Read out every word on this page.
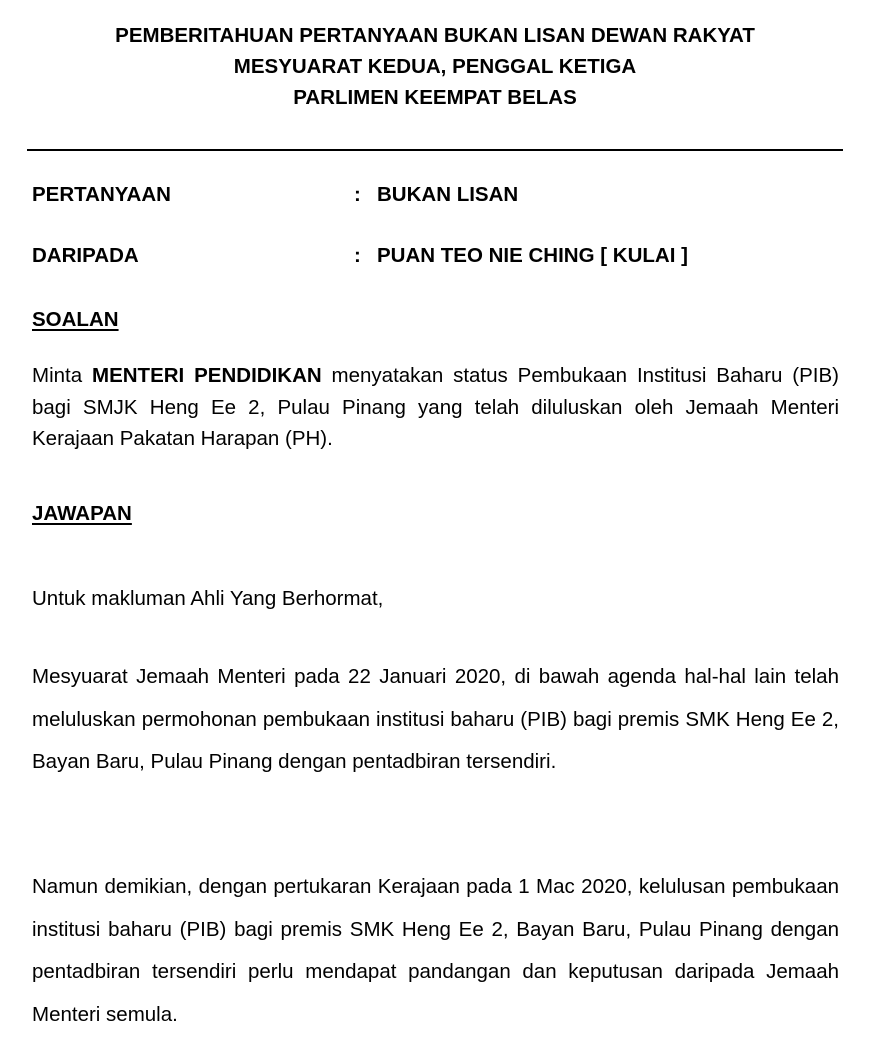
PEMBERITAHUAN PERTANYAAN BUKAN LISAN DEWAN RAKYAT
MESYUARAT KEDUA, PENGGAL KETIGA
PARLIMEN KEEMPAT BELAS
PERTANYAAN	: BUKAN LISAN
DARIPADA	: PUAN TEO NIE CHING [ KULAI ]
SOALAN

Minta MENTERI PENDIDIKAN menyatakan status Pembukaan Institusi Baharu (PIB) bagi SMJK Heng Ee 2, Pulau Pinang yang telah diluluskan oleh Jemaah Menteri Kerajaan Pakatan Harapan (PH).

JAWAPAN
Untuk makluman Ahli Yang Berhormat,

Mesyuarat Jemaah Menteri pada 22 Januari 2020, di bawah agenda hal-hal lain telah meluluskan permohonan pembukaan institusi baharu (PIB) bagi premis SMK Heng Ee 2, Bayan Baru, Pulau Pinang dengan pentadbiran tersendiri.

Namun demikian, dengan pertukaran Kerajaan pada 1 Mac 2020, kelulusan pembukaan institusi baharu (PIB) bagi premis SMK Heng Ee 2, Bayan Baru, Pulau Pinang dengan pentadbiran tersendiri perlu mendapat pandangan dan keputusan daripada Jemaah Menteri semula.
